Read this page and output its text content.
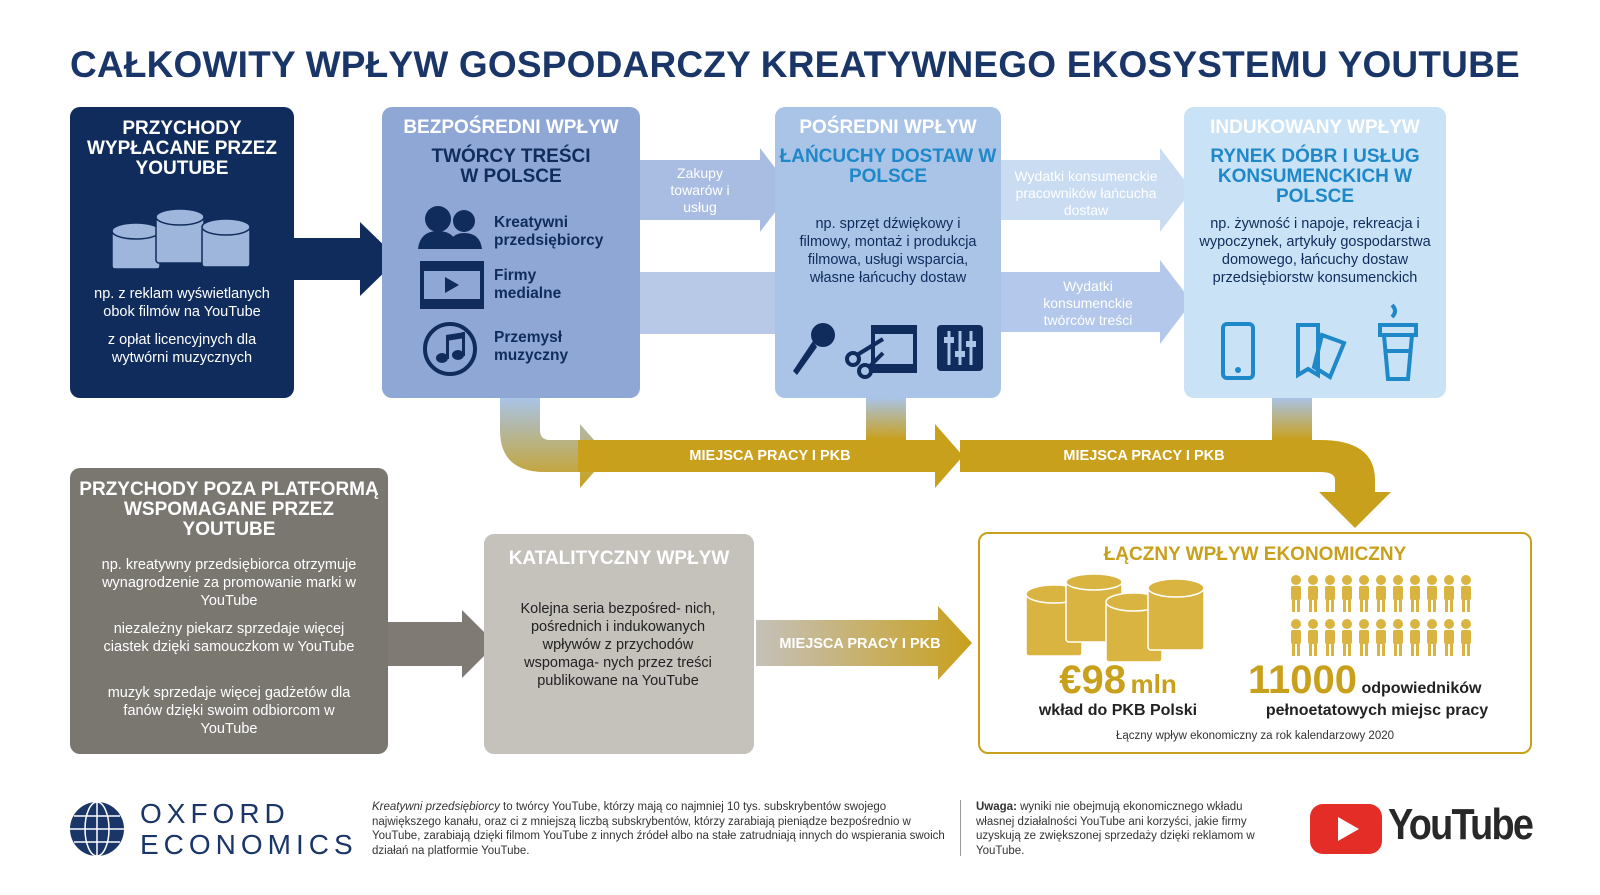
CAŁKOWITY WPŁYW GOSPODARCZY KREATYWNEGO EKOSYSTEMU YOUTUBE
PRZYCHODY WYPŁACANE PRZEZ YOUTUBE
np. z reklam wyświetlanych obok filmów na YouTube
z opłat licencyjnych dla wytwórni muzycznych
BEZPOŚREDNI WPŁYW
TWÓRCY TREŚCI W POLSCE
Kreatywni przedsiębiorcy
Firmy medialne
Przemysł muzyczny
Zakupy towarów i usług
POŚREDNI WPŁYW
ŁAŃCUCHY DOSTAW W POLSCE
np. sprzęt dźwiękowy i filmowy, montaż i produkcja filmowa, usługi wsparcia, własne łańcuchy dostaw
Wydatki konsumenckie pracowników łańcucha dostaw
Wydatki konsumenckie twórców treści
INDUKOWANY WPŁYW
RYNEK DÓBR I USŁUG KONSUMENCKICH W POLSCE
np. żywność i napoje, rekreacja i wypoczynek, artykuły gospodarstwa domowego, łańcuchy dostaw przedsiębiorstw konsumenckich
MIEJSCA PRACY I PKB	MIEJSCA PRACY I PKB
PRZYCHODY POZA PLATFORMĄ WSPOMAGANE PRZEZ YOUTUBE
np. kreatywny przedsiębiorca otrzymuje wynagrodzenie za promowanie marki w YouTube
niezależny piekarz sprzedaje więcej ciastek dzięki samouczkom w YouTube
muzyk sprzedaje więcej gadżetów dla fanów dzięki swoim odbiorcom w YouTube
KATALITYCZNY WPŁYW
Kolejna seria bezpośred- nich, pośrednich i indukowanych wpływów z przychodów wspomaga- nych przez treści publikowane na YouTube
MIEJSCA PRACY I PKB
ŁĄCZNY WPŁYW EKONOMICZNY
€98 mln
wkład do PKB Polski
11000 odpowiedników
pełnoetatowych miejsc pracy
Łączny wpływ ekonomiczny za rok kalendarzowy 2020
OXFORD
ECONOMICS
Kreatywni przedsiębiorcy to twórcy YouTube, którzy mają co najmniej 10 tys. subskrybentów swojego największego kanału, oraz ci z mniejszą liczbą subskrybentów, którzy zarabiają pieniądze bezpośrednio w YouTube, zarabiają dzięki filmom YouTube z innych źródeł albo na stałe zatrudniają innych do wspierania swoich działań na platformie YouTube.
Uwaga: wyniki nie obejmują ekonomicznego wkładu własnej działalności YouTube ani korzyści, jakie firmy uzyskują ze zwiększonej sprzedaży dzięki reklamom w YouTube.
YouTube
